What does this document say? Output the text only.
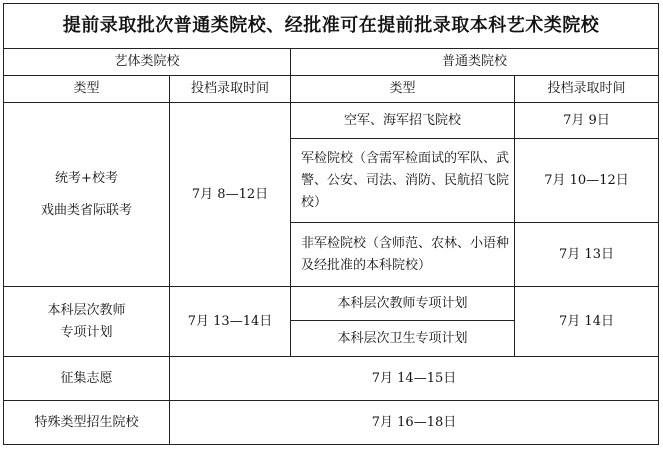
提前录取批次普通类院校、经批准可在提前批录取本科艺术类院校			
艺体类院校		普通类院校	
类型	投档录取时间	类型	投档录取时间

统考+校考
戏曲类省际联考	7月 8—12日	空军、海军招飞院校	7月 9日
		军检院校（含需军检面试的军队、武警、公安、司法、消防、民航招飞院校）	7月 10—12日
		非军检院校（含师范、农林、小语种及经批准的本科院校）	7月 13日

本科层次教师
专项计划	7月 13—14日	本科层次教师专项计划	7月 14日
		本科层次卫生专项计划	
征集志愿	7月 14—15日		
特殊类型招生院校	7月 16—18日		
